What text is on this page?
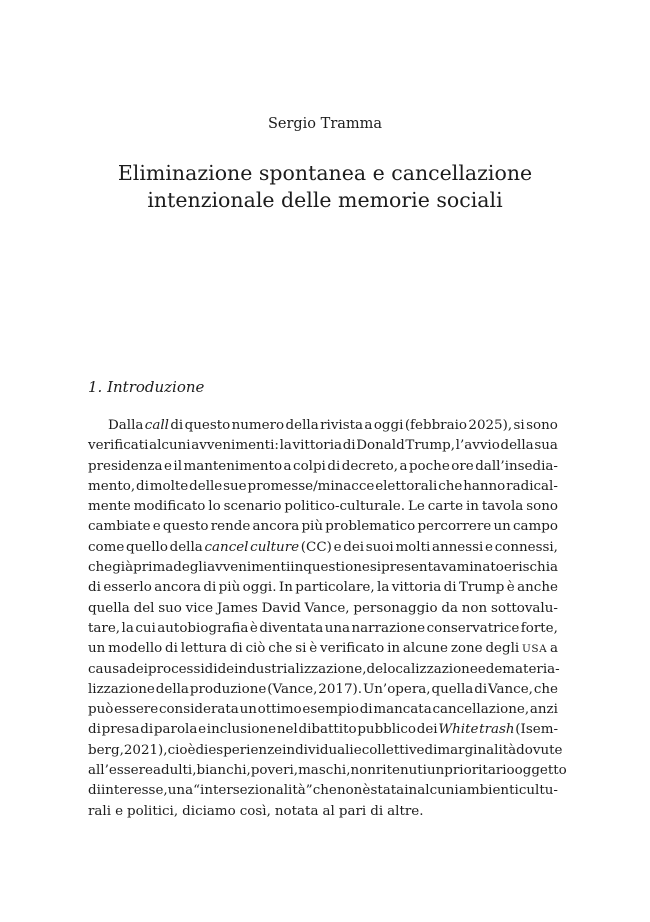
Sergio Tramma
Eliminazione spontanea e cancellazione
intenzionale delle memorie sociali
1. Introduzione
Dalla call di questo numero della rivista a oggi (febbraio 2025), si sono
verificati alcuni avvenimenti: la vittoria di Donald Trump, l’avvio della sua
presidenza e il mantenimento a colpi di decreto, a poche ore dall’insedia-
mento, di molte delle sue promesse/minacce elettorali che hanno radical-
mente modificato lo scenario politico-culturale. Le carte in tavola sono
cambiate e questo rende ancora più problematico percorrere un campo
come quello della cancel culture (CC) e dei suoi molti annessi e connessi,
che già prima degli avvenimenti in questione si presentava minato e rischia
di esserlo ancora di più oggi. In particolare, la vittoria di Trump è anche
quella del suo vice James David Vance, personaggio da non sottovalu-
tare, la cui autobiografia è diventata una narrazione conservatrice forte,
un modello di lettura di ciò che si è verificato in alcune zone degli USA a
causa dei processi di deindustrializzazione, delocalizzazione e demateria-
lizzazione della produzione (Vance, 2017). Un’opera, quella di Vance, che
può essere considerata un ottimo esempio di mancata cancellazione, anzi
di presa di parola e inclusione nel dibattito pubblico dei White trash (Isem-
berg, 2021), cioè di esperienze individuali e collettive di marginalità dovute
all’essere adulti, bianchi, poveri, maschi, non ritenuti un prioritario oggetto
di interesse, una “intersezionalità” che non è stata in alcuni ambienti cultu-
rali e politici, diciamo così, notata al pari di altre.
